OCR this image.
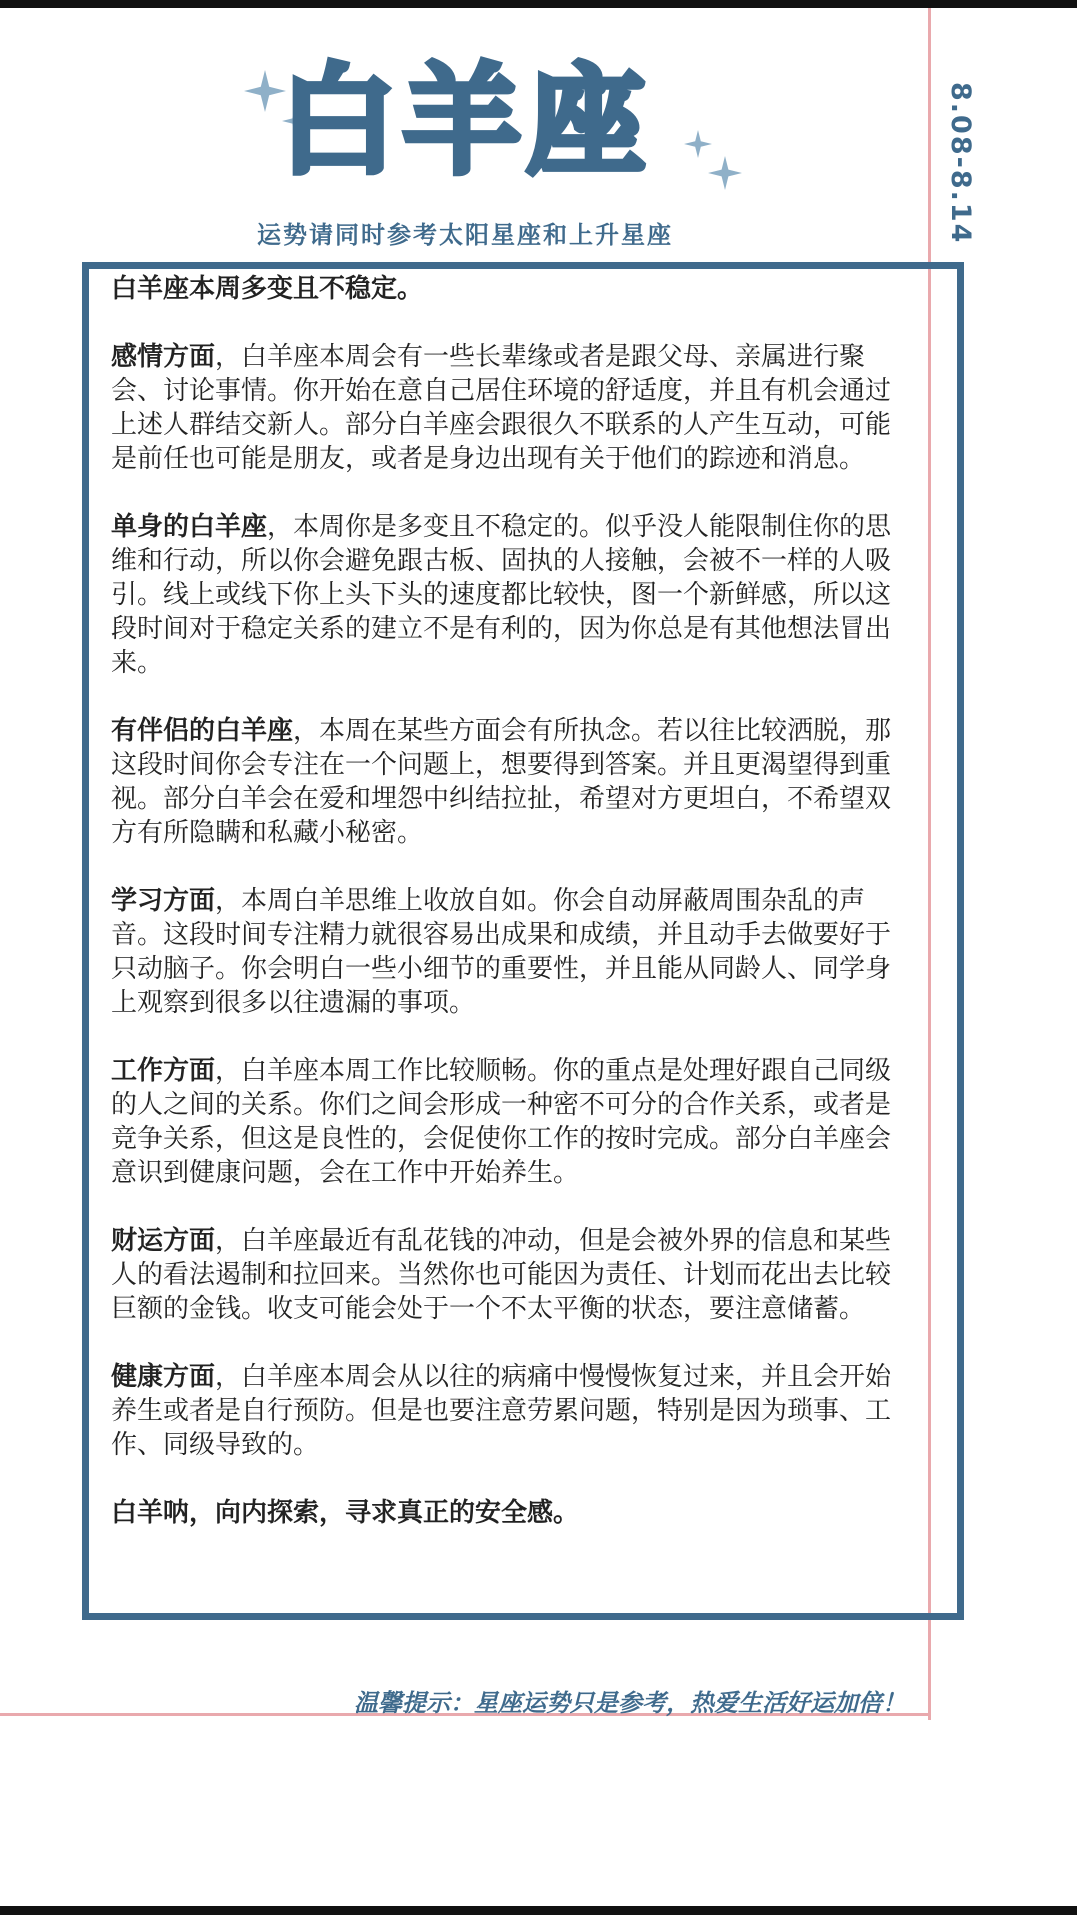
白羊座
运势请同时参考太阳星座和上升星座	8.08-8.14

白羊座本周多变且不稳定。

感情方面，白羊座本周会有一些长辈缘或者是跟父母、亲属进行聚会、讨论事情。你开始在意自己居住环境的舒适度，并且有机会通过上述人群结交新人。部分白羊座会跟很久不联系的人产生互动，可能是前任也可能是朋友，或者是身边出现有关于他们的踪迹和消息。

单身的白羊座，本周你是多变且不稳定的。似乎没人能限制住你的思维和行动，所以你会避免跟古板、固执的人接触，会被不一样的人吸引。线上或线下你上头下头的速度都比较快，图一个新鲜感，所以这段时间对于稳定关系的建立不是有利的，因为你总是有其他想法冒出来。

有伴侣的白羊座，本周在某些方面会有所执念。若以往比较洒脱，那这段时间你会专注在一个问题上，想要得到答案。并且更渴望得到重视。部分白羊会在爱和埋怨中纠结拉扯，希望对方更坦白，不希望双方有所隐瞒和私藏小秘密。

学习方面，本周白羊思维上收放自如。你会自动屏蔽周围杂乱的声音。这段时间专注精力就很容易出成果和成绩，并且动手去做要好于只动脑子。你会明白一些小细节的重要性，并且能从同龄人、同学身上观察到很多以往遗漏的事项。

工作方面，白羊座本周工作比较顺畅。你的重点是处理好跟自己同级的人之间的关系。你们之间会形成一种密不可分的合作关系，或者是竞争关系，但这是良性的，会促使你工作的按时完成。部分白羊座会意识到健康问题，会在工作中开始养生。

财运方面，白羊座最近有乱花钱的冲动，但是会被外界的信息和某些人的看法遏制和拉回来。当然你也可能因为责任、计划而花出去比较巨额的金钱。收支可能会处于一个不太平衡的状态，要注意储蓄。

健康方面，白羊座本周会从以往的病痛中慢慢恢复过来，并且会开始养生或者是自行预防。但是也要注意劳累问题，特别是因为琐事、工作、同级导致的。

白羊呐，向内探索，寻求真正的安全感。

温馨提示：星座运势只是参考，热爱生活好运加倍！
